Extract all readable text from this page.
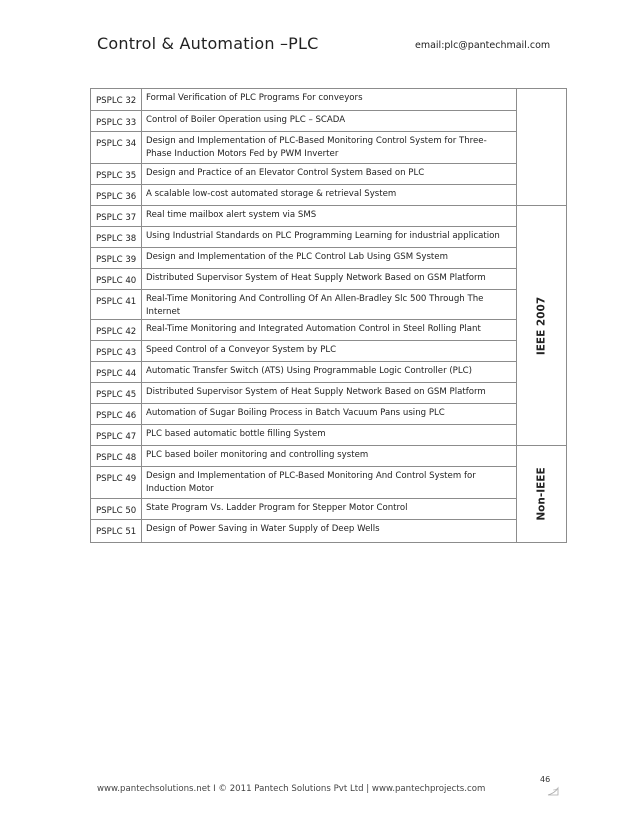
Control & Automation –PLC	email:plc@pantechmail.com
PSPLC 32	Formal Verification of PLC Programs For conveyors	
PSPLC 33	Control of Boiler Operation using PLC – SCADA	
PSPLC 34	Design and Implementation of PLC-Based Monitoring Control System for Three-Phase Induction Motors Fed by PWM Inverter	
PSPLC 35	Design and Practice of an Elevator Control System Based on PLC	
PSPLC 36	A scalable low-cost automated storage & retrieval System	
PSPLC 37	Real time mailbox alert system via SMS	IEEE 2007

PSPLC 38	Using Industrial Standards on PLC Programming Learning for industrial application	
PSPLC 39	Design and Implementation of the PLC Control Lab Using GSM System	
PSPLC 40	Distributed Supervisor System of Heat Supply Network Based on GSM Platform	
PSPLC 41	Real-Time Monitoring And Controlling Of An Allen-Bradley Slc 500 Through The Internet	
PSPLC 42	Real-Time Monitoring and Integrated Automation Control in Steel Rolling Plant	
PSPLC 43	Speed Control of a Conveyor System by PLC	
PSPLC 44	Automatic Transfer Switch (ATS) Using Programmable Logic Controller (PLC)	
PSPLC 45	Distributed Supervisor System of Heat Supply Network Based on GSM Platform	
PSPLC 46	Automation of Sugar Boiling Process in Batch Vacuum Pans using PLC	
PSPLC 47	PLC based automatic bottle filling System	
PSPLC 48	PLC based boiler monitoring and controlling system	Non-IEEE

PSPLC 49	Design and Implementation of PLC-Based Monitoring And Control System for Induction Motor	
PSPLC 50	State Program Vs. Ladder Program for Stepper Motor Control	
PSPLC 51	Design of Power Saving in Water Supply of Deep Wells	
www.pantechsolutions.net I © 2011 Pantech Solutions Pvt Ltd | www.pantechprojects.com
46
